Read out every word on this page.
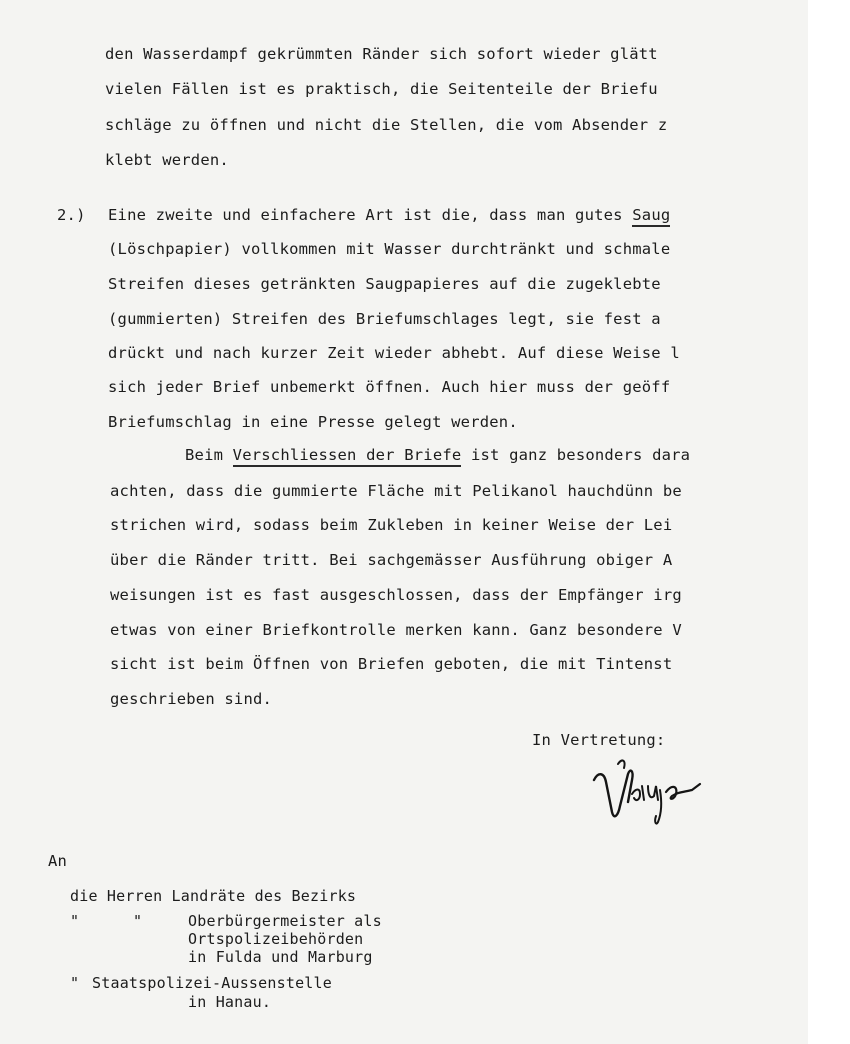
den Wasserdampf gekrümmten Ränder sich sofort wieder glätt
vielen Fällen ist es praktisch, die Seitenteile der Briefu
schläge zu öffnen und nicht die Stellen, die vom Absender z
klebt werden.
2.) Eine zweite und einfachere Art ist die, dass man gutes Saug
(Löschpapier) vollkommen mit Wasser durchtränkt und schmale
Streifen dieses getränkten Saugpapieres auf die zugeklebte
(gummierten) Streifen des Briefumschlages legt, sie fest a
drückt und nach kurzer Zeit wieder abhebt. Auf diese Weise l
sich jeder Brief unbemerkt öffnen. Auch hier muss der geöff
Briefumschlag in eine Presse gelegt werden.
Beim Verschliessen der Briefe ist ganz besonders dara
achten, dass die gummierte Fläche mit Pelikanol hauchdünn be
strichen wird, sodass beim Zukleben in keiner Weise der Lei
über die Ränder tritt. Bei sachgemässer Ausführung obiger A
weisungen ist es fast ausgeschlossen, dass der Empfänger irg
etwas von einer Briefkontrolle merken kann. Ganz besondere V
sicht ist beim Öffnen von Briefen geboten, die mit Tintenst
geschrieben sind.
In Vertretung:
An
die Herren Landräte des Bezirks
"	"	Oberbürgermeister als
Ortspolizeibehörden
in Fulda und Marburg
" Staatspolizei-Aussenstelle
in Hanau.
